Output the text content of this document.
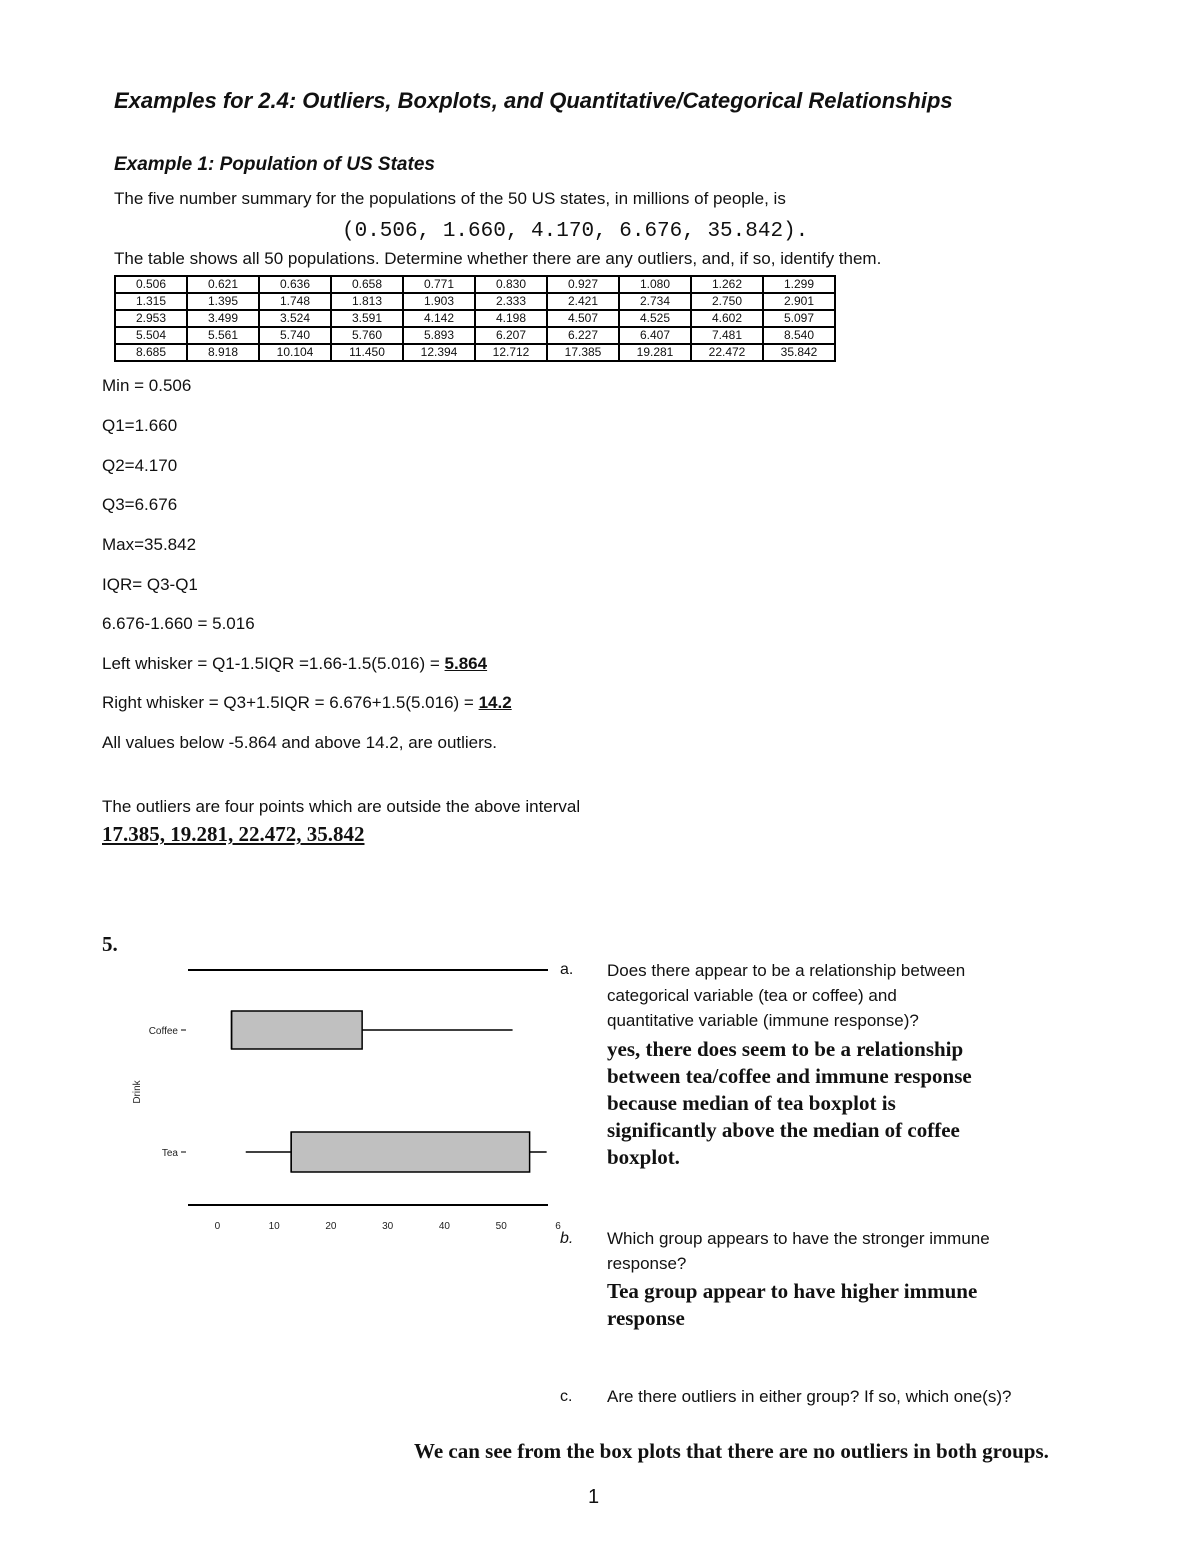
Examples for 2.4: Outliers, Boxplots, and Quantitative/Categorical Relationships
Example 1: Population of US States
The five number summary for the populations of the 50 US states, in millions of people, is
(0.506, 1.660, 4.170, 6.676, 35.842).
The table shows all 50 populations. Determine whether there are any outliers, and, if so, identify them.
0.506	0.621	0.636	0.658	0.771	0.830	0.927	1.080	1.262	1.299
1.315	1.395	1.748	1.813	1.903	2.333	2.421	2.734	2.750	2.901
2.953	3.499	3.524	3.591	4.142	4.198	4.507	4.525	4.602	5.097
5.504	5.561	5.740	5.760	5.893	6.207	6.227	6.407	7.481	8.540
8.685	8.918	10.104	11.450	12.394	12.712	17.385	19.281	22.472	35.842
Min = 0.506
Q1=1.660
Q2=4.170
Q3=6.676
Max=35.842
IQR= Q3-Q1
6.676-1.660 = 5.016
Left whisker = Q1-1.5IQR =1.66-1.5(5.016) = 5.864
Right whisker = Q3+1.5IQR = 6.676+1.5(5.016) = 14.2
All values below -5.864 and above 14.2, are outliers.
The outliers are four points which are outside the above interval
17.385, 19.281, 22.472, 35.842
5.
0	10	20	30	40	50	6
Drink
Coffee
Tea
a. Does there appear to be a relationship between
categorical variable (tea or coffee) and
quantitative variable (immune response)?
yes, there does seem to be a relationship
between tea/coffee and immune response
because median of tea boxplot is
significantly above the median of coffee
boxplot.
b. Which group appears to have the stronger immune
response?
Tea group appear to have higher immune
response
c. Are there outliers in either group? If so, which one(s)?
We can see from the box plots that there are no outliers in both groups.
1
